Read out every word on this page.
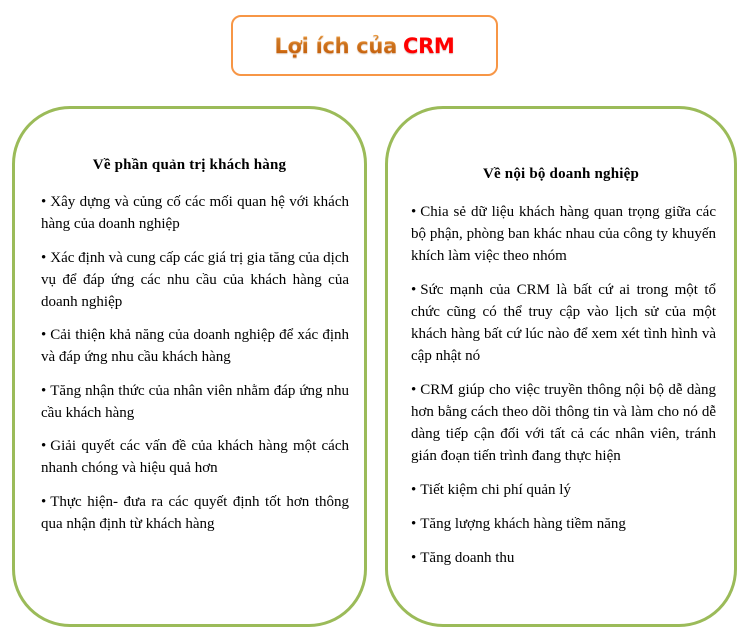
Lợi ích của CRM
Về phần quản trị khách hàng
• Xây dựng và củng cố các mối quan hệ với khách hàng của doanh nghiệp
• Xác định và cung cấp các giá trị gia tăng của dịch vụ để đáp ứng các nhu cầu của khách hàng của doanh nghiệp
• Cải thiện khả năng của doanh nghiệp để xác định và đáp ứng nhu cầu khách hàng
• Tăng nhận thức của nhân viên nhằm đáp ứng nhu cầu khách hàng
• Giải quyết các vấn đề của khách hàng một cách nhanh chóng và hiệu quả hơn
• Thực hiện- đưa ra các quyết định tốt hơn thông qua nhận định từ khách hàng
Về nội bộ doanh nghiệp
• Chia sẻ dữ liệu khách hàng quan trọng giữa các bộ phận, phòng ban khác nhau của công ty khuyến khích làm việc theo nhóm
• Sức mạnh của CRM là bất cứ ai trong một tổ chức cũng có thể truy cập vào lịch sử của một khách hàng bất cứ lúc nào để xem xét tình hình và cập nhật nó
• CRM giúp cho việc truyền thông nội bộ dễ dàng hơn bằng cách theo dõi thông tin và làm cho nó dễ dàng tiếp cận đối với tất cả các nhân viên, tránh gián đoạn tiến trình đang thực hiện
• Tiết kiệm chi phí quản lý
• Tăng lượng khách hàng tiềm năng
• Tăng doanh thu
